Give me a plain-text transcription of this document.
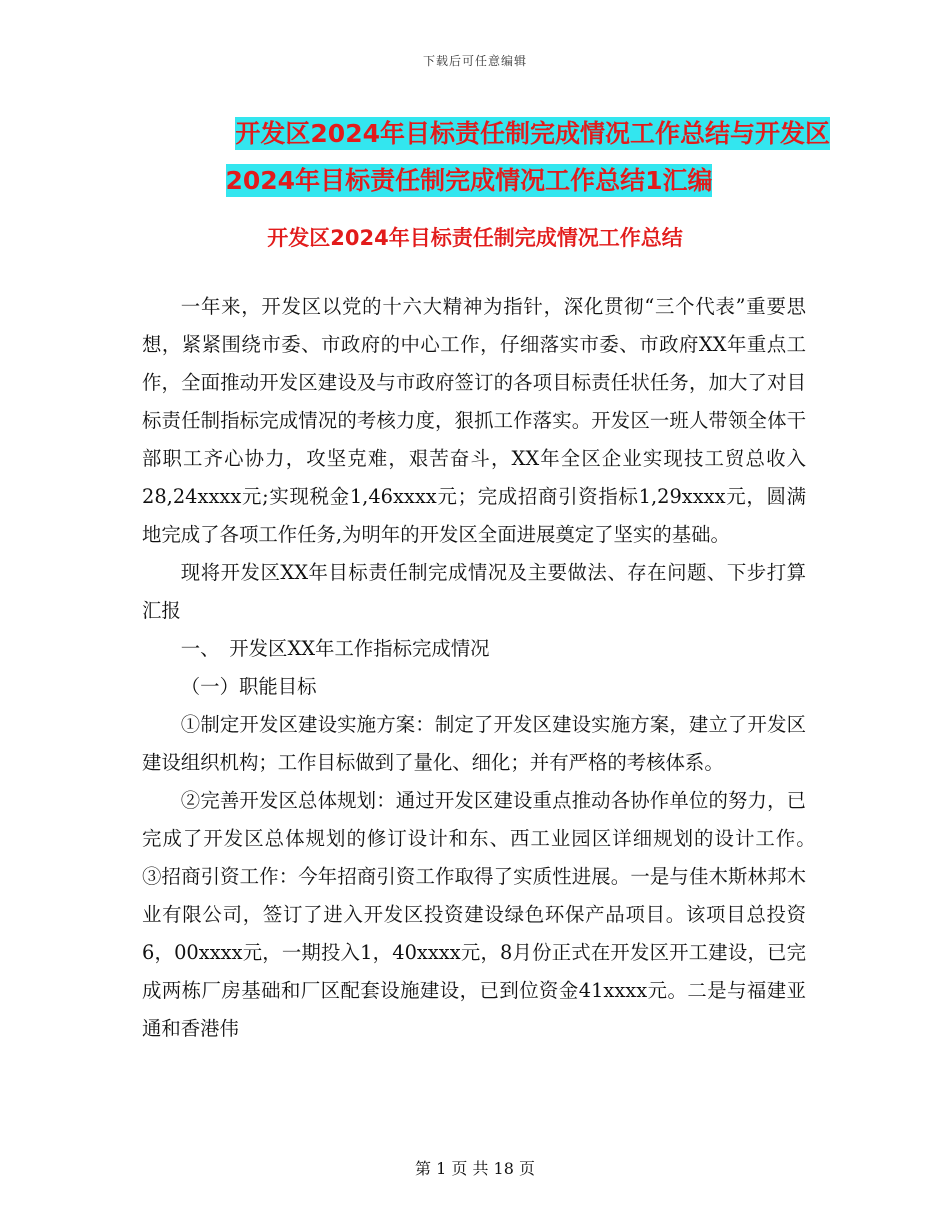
下载后可任意编辑
开发区2024年目标责任制完成情况工作总结与开发区
2024年目标责任制完成情况工作总结1汇编
开发区2024年目标责任制完成情况工作总结

一年来，开发区以党的十六大精神为指针，深化贯彻“三个代表”重要思想，紧紧围绕市委、市政府的中心工作，仔细落实市委、市政府XX年重点工作，全面推动开发区建设及与市政府签订的各项目标责任状任务，加大了对目标责任制指标完成情况的考核力度，狠抓工作落实。开发区一班人带领全体干部职工齐心协力，攻坚克难，艰苦奋斗，XX年全区企业实现技工贸总收入28,24xxxx元;实现税金1,46xxxx元；完成招商引资指标1,29xxxx元，圆满地完成了各项工作任务,为明年的开发区全面进展奠定了坚实的基础。

现将开发区XX年目标责任制完成情况及主要做法、存在问题、下步打算汇报

一、　开发区XX年工作指标完成情况

（一）职能目标

①制定开发区建设实施方案：制定了开发区建设实施方案，建立了开发区建设组织机构；工作目标做到了量化、细化；并有严格的考核体系。

②完善开发区总体规划：通过开发区建设重点推动各协作单位的努力，已完成了开发区总体规划的修订设计和东、西工业园区详细规划的设计工作。　　　　　③招商引资工作：今年招商引资工作取得了实质性进展。一是与佳木斯林邦木业有限公司，签订了进入开发区投资建设绿色环保产品项目。该项目总投资6，00xxxx元，一期投入1，40xxxx元，8月份正式在开发区开工建设，已完成两栋厂房基础和厂区配套设施建设，已到位资金41xxxx元。二是与福建亚通和香港伟

第 1 页 共 18 页
